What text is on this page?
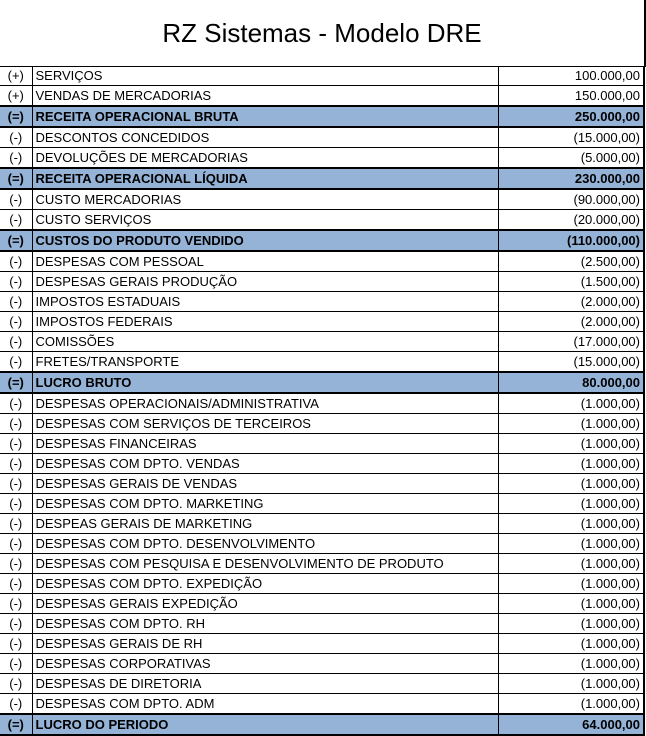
RZ Sistemas - Modelo DRE
(+)	SERVIÇOS	100.000,00
(+)	VENDAS DE MERCADORIAS	150.000,00
(=)	RECEITA OPERACIONAL BRUTA	250.000,00
(-)	DESCONTOS CONCEDIDOS	(15.000,00)
(-)	DEVOLUÇÕES DE MERCADORIAS	(5.000,00)
(=)	RECEITA OPERACIONAL LÍQUIDA	230.000,00
(-)	CUSTO MERCADORIAS	(90.000,00)
(-)	CUSTO SERVIÇOS	(20.000,00)
(=)	CUSTOS DO PRODUTO VENDIDO	(110.000,00)
(-)	DESPESAS COM PESSOAL	(2.500,00)
(-)	DESPESAS GERAIS PRODUÇÃO	(1.500,00)
(-)	IMPOSTOS ESTADUAIS	(2.000,00)
(-)	IMPOSTOS FEDERAIS	(2.000,00)
(-)	COMISSÕES	(17.000,00)
(-)	FRETES/TRANSPORTE	(15.000,00)
(=)	LUCRO BRUTO	80.000,00
(-)	DESPESAS OPERACIONAIS/ADMINISTRATIVA	(1.000,00)
(-)	DESPESAS COM SERVIÇOS DE TERCEIROS	(1.000,00)
(-)	DESPESAS FINANCEIRAS	(1.000,00)
(-)	DESPESAS COM DPTO. VENDAS	(1.000,00)
(-)	DESPESAS GERAIS DE VENDAS	(1.000,00)
(-)	DESPESAS COM DPTO. MARKETING	(1.000,00)
(-)	DESPEAS GERAIS DE MARKETING	(1.000,00)
(-)	DESPESAS COM DPTO. DESENVOLVIMENTO	(1.000,00)
(-)	DESPESAS COM PESQUISA E DESENVOLVIMENTO DE PRODUTO	(1.000,00)
(-)	DESPESAS COM DPTO. EXPEDIÇÃO	(1.000,00)
(-)	DESPESAS GERAIS EXPEDIÇÃO	(1.000,00)
(-)	DESPESAS COM DPTO. RH	(1.000,00)
(-)	DESPESAS GERAIS DE RH	(1.000,00)
(-)	DESPESAS CORPORATIVAS	(1.000,00)
(-)	DESPESAS DE DIRETORIA	(1.000,00)
(-)	DESPESAS COM DPTO. ADM	(1.000,00)
(=)	LUCRO DO PERIODO	64.000,00
